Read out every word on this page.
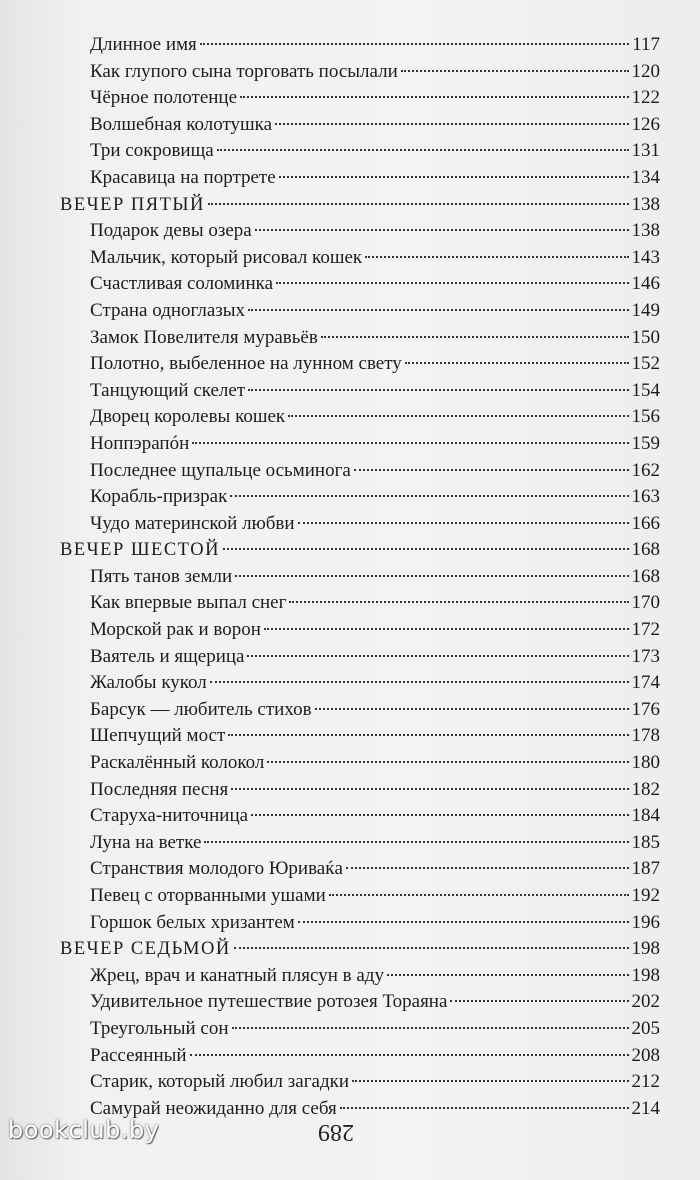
Длинное имя	117
Как глупого сына торговать посылали	120
Чёрное полотенце	122
Волшебная колотушка	126
Три сокровища	131
Красавица на портрете	134
ВЕЧЕР ПЯТЫЙ	138
Подарок девы озера	138
Мальчик, который рисовал кошек	143
Счастливая соломинка	146
Страна одноглазых	149
Замок Повелителя муравьёв	150
Полотно, выбеленное на лунном свету	152
Танцующий скелет	154
Дворец королевы кошек	156
Ноппэрапóн	159
Последнее щупальце осьминога	162
Корабль-призрак	163
Чудо материнской любви	166
ВЕЧЕР ШЕСТОЙ	168
Пять танов земли	168
Как впервые выпал снег	170
Морской рак и ворон	172
Ваятель и ящерица	173
Жалобы кукол	174
Барсук — любитель стихов	176
Шепчущий мост	178
Раскалённый колокол	180
Последняя песня	182
Старуха-ниточница	184
Луна на ветке	185
Странствия молодого Юриваќа	187
Певец с оторванными ушами	192
Горшок белых хризантем	196
ВЕЧЕР СЕДЬМОЙ	198
Жрец, врач и канатный плясун в аду	198
Удивительное путешествие ротозея Тораяна	202
Треугольный сон	205
Рассеянный	208
Старик, который любил загадки	212
Самурай неожиданно для себя	214
289
bookclub.by
